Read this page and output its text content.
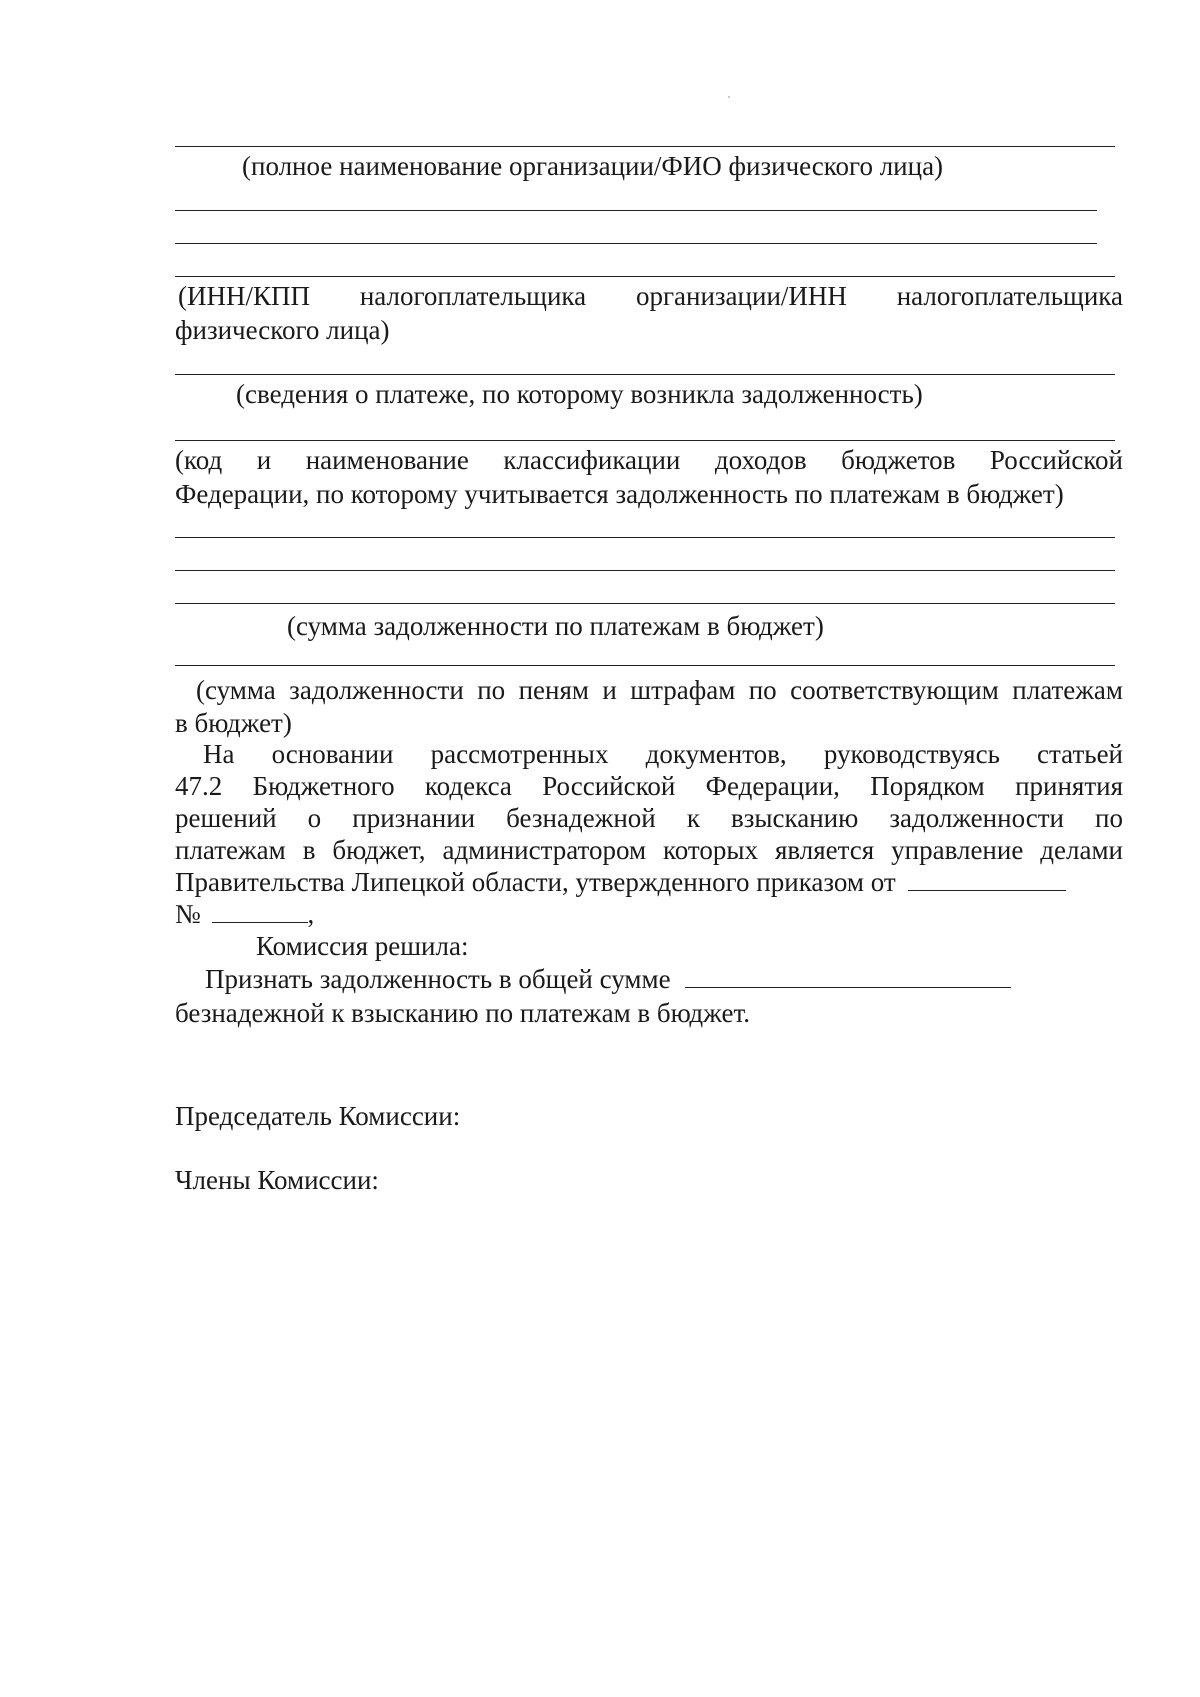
(полное наименование организации/ФИО физического лица)
(ИНН/КПП налогоплательщика организации/ИНН налогоплательщика
физического лица)
(сведения о платеже, по которому возникла задолженность)
(код и наименование классификации доходов бюджетов Российской
Федерации, по которому учитывается задолженность по платежам в бюджет)
(сумма задолженности по платежам в бюджет)
(сумма задолженности по пеням и штрафам по соответствующим платежам
в бюджет)
На основании рассмотренных документов, руководствуясь статьей
47.2 Бюджетного кодекса Российской Федерации, Порядком принятия
решений о признании безнадежной к взысканию задолженности по
платежам в бюджет, администратором которых является управление делами
Правительства Липецкой области, утвержденного приказом от
№	,
Комиссия решила:
Признать задолженность в общей сумме
безнадежной к взысканию по платежам в бюджет.
Председатель Комиссии:
Члены Комиссии:
